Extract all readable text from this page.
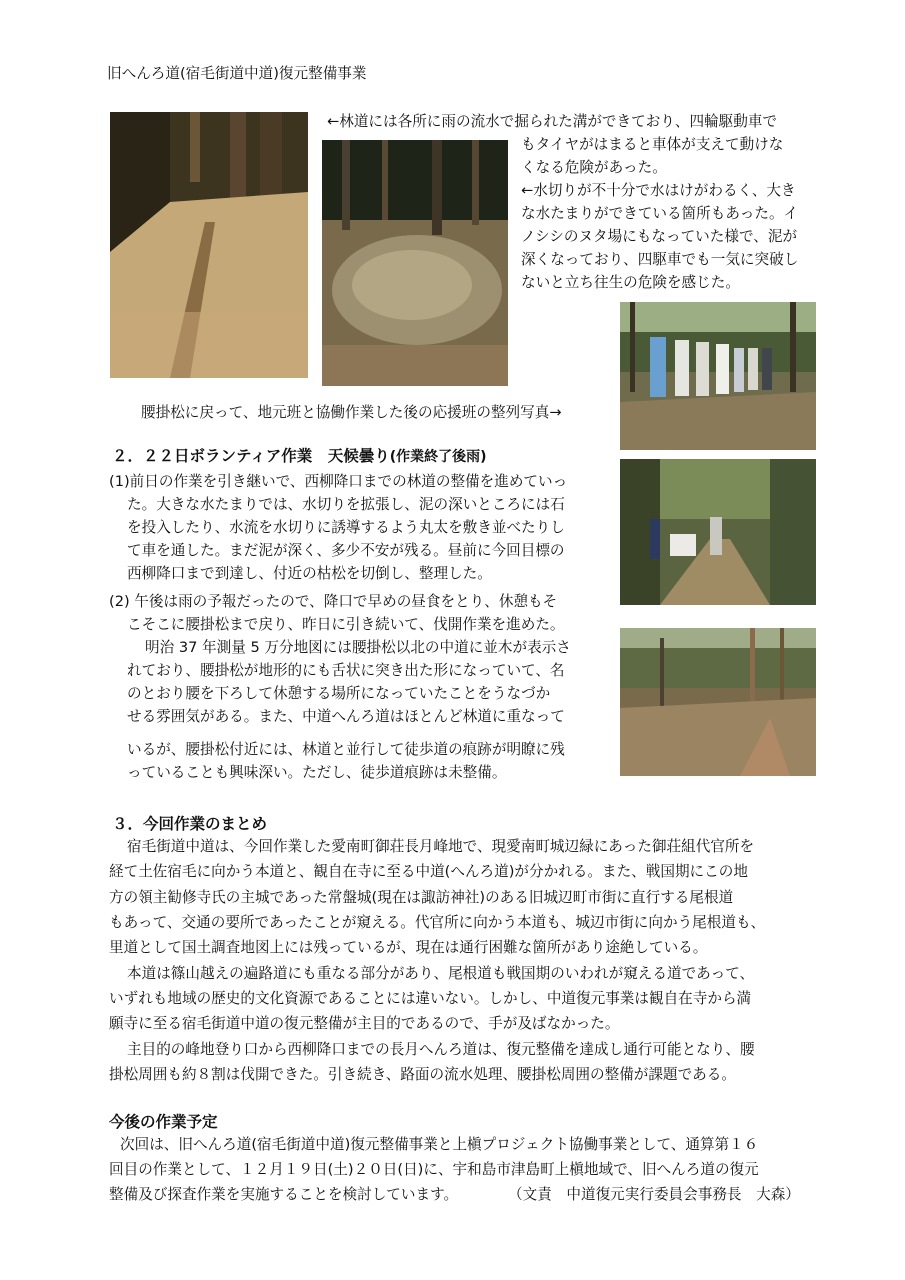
旧へんろ道(宿毛街道中道)復元整備事業
←林道には各所に雨の流水で掘られた溝ができており、四輪駆動車で
もタイヤがはまると車体が支えて動けな
くなる危険があった。
←水切りが不十分で水はけがわるく、大き
な水たまりができている箇所もあった。イ
ノシシのヌタ場にもなっていた様で、泥が
深くなっており、四駆車でも一気に突破し
ないと立ち往生の危険を感じた。
腰掛松に戻って、地元班と協働作業した後の応援班の整列写真→
２．２２日ボランティア作業　天候曇り(作業終了後雨)
(1)前日の作業を引き継いで、西柳降口までの林道の整備を進めていっ
た。大きな水たまりでは、水切りを拡張し、泥の深いところには石
を投入したり、水流を水切りに誘導するよう丸太を敷き並べたりし
て車を通した。まだ泥が深く、多少不安が残る。昼前に今回目標の
西柳降口まで到達し、付近の枯松を切倒し、整理した。
(2) 午後は雨の予報だったので、降口で早めの昼食をとり、休憩もそ
こそこに腰掛松まで戻り、昨日に引き続いて、伐開作業を進めた。
明治 37 年測量 5 万分地図には腰掛松以北の中道に並木が表示さ
れており、腰掛松が地形的にも舌状に突き出た形になっていて、名
のとおり腰を下ろして休憩する場所になっていたことをうなづか
せる雰囲気がある。また、中道へんろ道はほとんど林道に重なって
いるが、腰掛松付近には、林道と並行して徒歩道の痕跡が明瞭に残
っていることも興味深い。ただし、徒歩道痕跡は未整備。
３．今回作業のまとめ
宿毛街道中道は、今回作業した愛南町御荘長月峰地で、現愛南町城辺緑にあった御荘組代官所を
経て土佐宿毛に向かう本道と、観自在寺に至る中道(へんろ道)が分かれる。また、戦国期にこの地
方の領主勧修寺氏の主城であった常盤城(現在は諏訪神社)のある旧城辺町市街に直行する尾根道
もあって、交通の要所であったことが窺える。代官所に向かう本道も、城辺市街に向かう尾根道も、
里道として国土調査地図上には残っているが、現在は通行困難な箇所があり途絶している。
本道は篠山越えの遍路道にも重なる部分があり、尾根道も戦国期のいわれが窺える道であって、
いずれも地域の歴史的文化資源であることには違いない。しかし、中道復元事業は観自在寺から満
願寺に至る宿毛街道中道の復元整備が主目的であるので、手が及ばなかった。
主目的の峰地登り口から西柳降口までの長月へんろ道は、復元整備を達成し通行可能となり、腰
掛松周囲も約８割は伐開できた。引き続き、路面の流水処理、腰掛松周囲の整備が課題である。
今後の作業予定
次回は、旧へんろ道(宿毛街道中道)復元整備事業と上槇プロジェクト協働事業として、通算第１６
回目の作業として、１２月１９日(土)２０日(日)に、宇和島市津島町上槇地域で、旧へんろ道の復元
整備及び探査作業を実施することを検討しています。	（文責　中道復元実行委員会事務長　大森）
